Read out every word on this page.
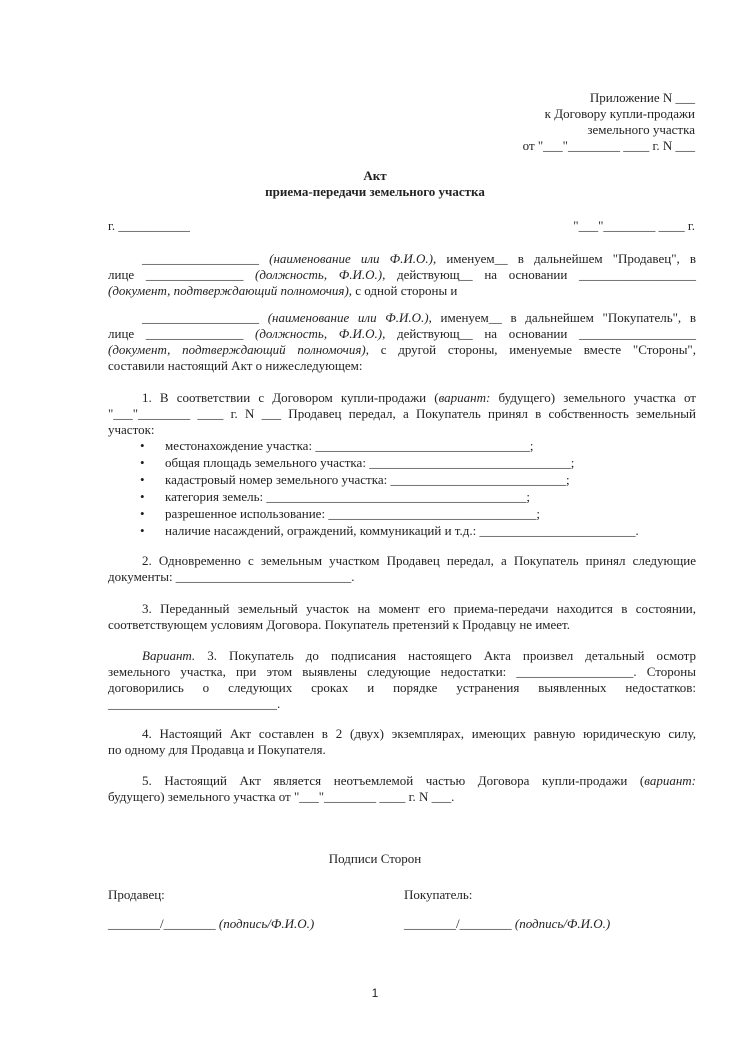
Приложение N ___
к Договору купли-продажи
земельного участка
от "___"________ ____ г. N ___
Акт
приема-передачи земельного участка
г. ___________	"___"________ ____ г.
__________________ (наименование или Ф.И.О.), именуем__ в дальнейшем "Продавец", в
лице _______________ (должность, Ф.И.О.), действующ__ на основании __________________
(документ, подтверждающий полномочия), с одной стороны и
__________________ (наименование или Ф.И.О.), именуем__ в дальнейшем "Покупатель", в
лице _______________ (должность, Ф.И.О.), действующ__ на основании __________________
(документ, подтверждающий полномочия), с другой стороны, именуемые вместе "Стороны",
составили настоящий Акт о нижеследующем:
1. В соответствии с Договором купли-продажи (вариант: будущего) земельного участка от
"___"________ ____ г. N ___ Продавец передал, а Покупатель принял в собственность земельный
участок:
•	местонахождение участка: _________________________________;
•	общая площадь земельного участка: _______________________________;
•	кадастровый номер земельного участка: ___________________________;
•	категория земель: ________________________________________;
•	разрешенное использование: ________________________________;
•	наличие насаждений, ограждений, коммуникаций и т.д.: ________________________.
2. Одновременно с земельным участком Продавец передал, а Покупатель принял следующие
документы: ___________________________.
3. Переданный земельный участок на момент его приема-передачи находится в состоянии,
соответствующем условиям Договора. Покупатель претензий к Продавцу не имеет.
Вариант. 3. Покупатель до подписания настоящего Акта произвел детальный осмотр
земельного участка, при этом выявлены следующие недостатки: __________________. Стороны
договорились о следующих сроках и порядке устранения выявленных недостатков:
__________________________.
4. Настоящий Акт составлен в 2 (двух) экземплярах, имеющих равную юридическую силу,
по одному для Продавца и Покупателя.
5. Настоящий Акт является неотъемлемой частью Договора купли-продажи (вариант:
будущего) земельного участка от "___"________ ____ г. N ___.
Подписи Сторон
Продавец:	Покупатель:
________/________ (подпись/Ф.И.О.)	________/________ (подпись/Ф.И.О.)
1
